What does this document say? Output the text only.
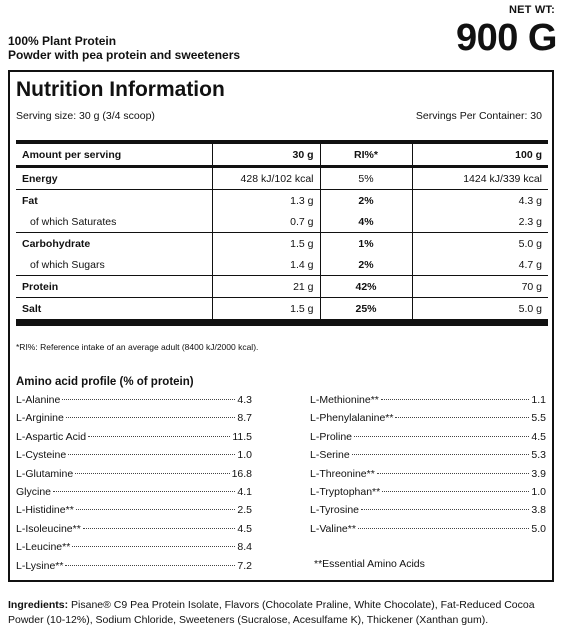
NET WT:
900 G
100% Plant Protein
Powder with pea protein and sweeteners
Nutrition Information
Serving size: 30 g (3/4 scoop)	Servings Per Container: 30
Amount per serving	30 g	RI%*	100 g
Energy	428 kJ/102 kcal	5%	1424 kJ/339 kcal
Fat	1.3 g	2%	4.3 g
of which Saturates	0.7 g	4%	2.3 g
Carbohydrate	1.5 g	1%	5.0 g
of which Sugars	1.4 g	2%	4.7 g
Protein	21 g	42%	70 g
Salt	1.5 g	25%	5.0 g
*RI%: Reference intake of an average adult (8400 kJ/2000 kcal).
Amino acid profile (% of protein)
L-Alanine	4.3
L-Arginine	8.7
L-Aspartic Acid	11.5
L-Cysteine	1.0
L-Glutamine	16.8
Glycine	4.1
L-Histidine**	2.5
L-Isoleucine**	4.5
L-Leucine**	8.4
L-Lysine**	7.2
L-Methionine**	1.1
L-Phenylalanine**	5.5
L-Proline	4.5
L-Serine	5.3
L-Threonine**	3.9
L-Tryptophan**	1.0
L-Tyrosine	3.8
L-Valine**	5.0
**Essential Amino Acids
Ingredients: Pisane® C9 Pea Protein Isolate, Flavors (Chocolate Praline, White Chocolate), Fat-Reduced Cocoa Powder (10-12%), Sodium Chloride, Sweeteners (Sucralose, Acesulfame K), Thickener (Xanthan gum).
